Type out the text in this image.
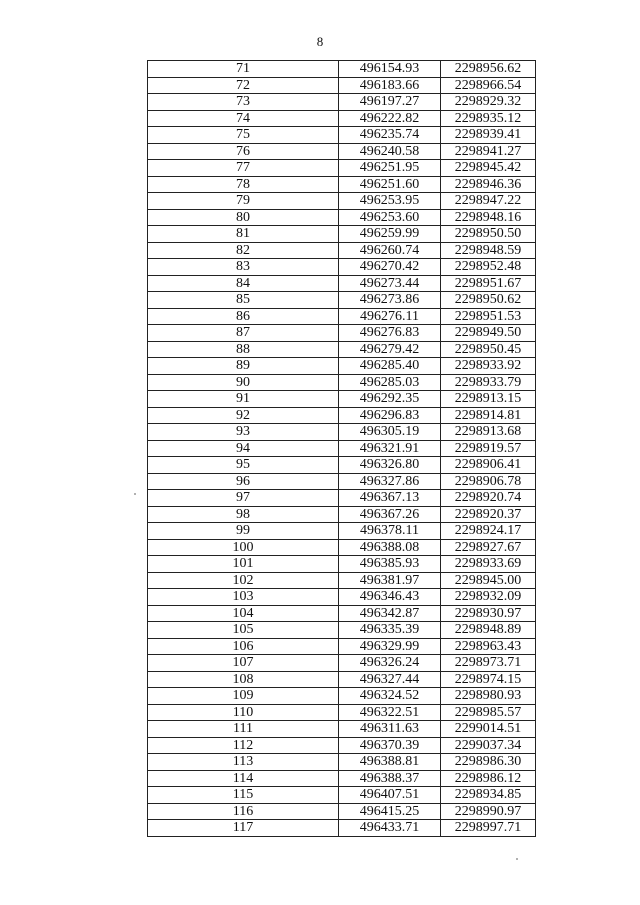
8
71	496154.93	2298956.62
72	496183.66	2298966.54
73	496197.27	2298929.32
74	496222.82	2298935.12
75	496235.74	2298939.41
76	496240.58	2298941.27
77	496251.95	2298945.42
78	496251.60	2298946.36
79	496253.95	2298947.22
80	496253.60	2298948.16
81	496259.99	2298950.50
82	496260.74	2298948.59
83	496270.42	2298952.48
84	496273.44	2298951.67
85	496273.86	2298950.62
86	496276.11	2298951.53
87	496276.83	2298949.50
88	496279.42	2298950.45
89	496285.40	2298933.92
90	496285.03	2298933.79
91	496292.35	2298913.15
92	496296.83	2298914.81
93	496305.19	2298913.68
94	496321.91	2298919.57
95	496326.80	2298906.41
96	496327.86	2298906.78
97	496367.13	2298920.74
98	496367.26	2298920.37
99	496378.11	2298924.17
100	496388.08	2298927.67
101	496385.93	2298933.69
102	496381.97	2298945.00
103	496346.43	2298932.09
104	496342.87	2298930.97
105	496335.39	2298948.89
106	496329.99	2298963.43
107	496326.24	2298973.71
108	496327.44	2298974.15
109	496324.52	2298980.93
110	496322.51	2298985.57
111	496311.63	2299014.51
112	496370.39	2299037.34
113	496388.81	2298986.30
114	496388.37	2298986.12
115	496407.51	2298934.85
116	496415.25	2298990.97
117	496433.71	2298997.71
